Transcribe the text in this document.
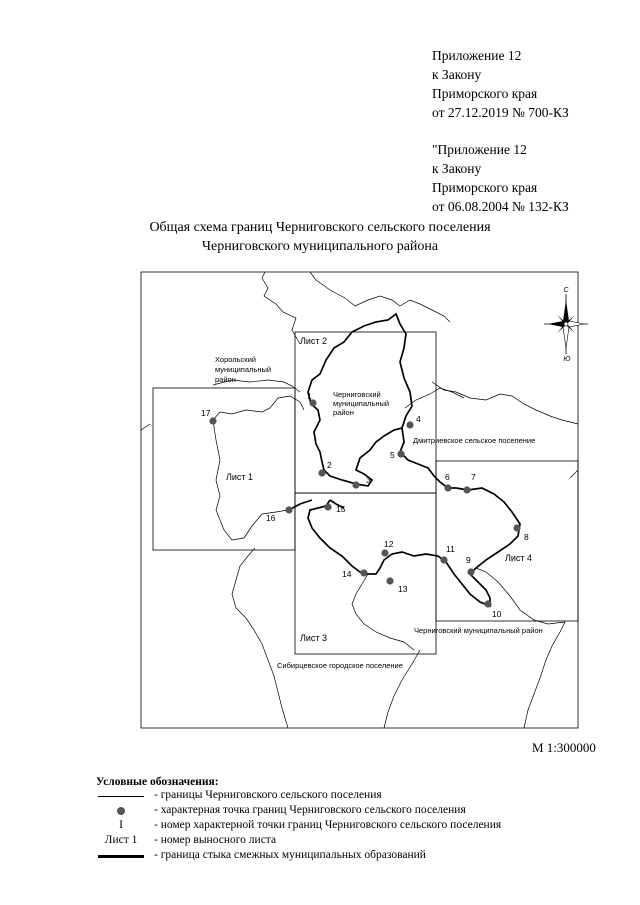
Приложение 12
к Закону
Приморского края
от 27.12.2019 № 700-КЗ
"Приложение 12
к Закону
Приморского края
от 06.08.2004 № 132-КЗ
Общая схема границ Черниговского сельского поселения
Черниговского муниципального района
С
Ю
Хорольский
муниципальный
район
Черниговский
муниципальный
район
Дмитриевское сельское поселение
Черниговский муниципальный район
Сибирцевское городское поселение
Лист 1
Лист 2
Лист 3
Лист 4
1
2
3
4
5
6	7
8
9
10
11
12
13
14
15
16
17
М 1:300000
Условные обозначения:
- границы Черниговского сельского поселения
- характерная точка границ Черниговского сельского поселения
I	- номер характерной точки границ Черниговского сельского поселения
Лист 1	- номер выносного листа
- граница стыка смежных муниципальных образований
